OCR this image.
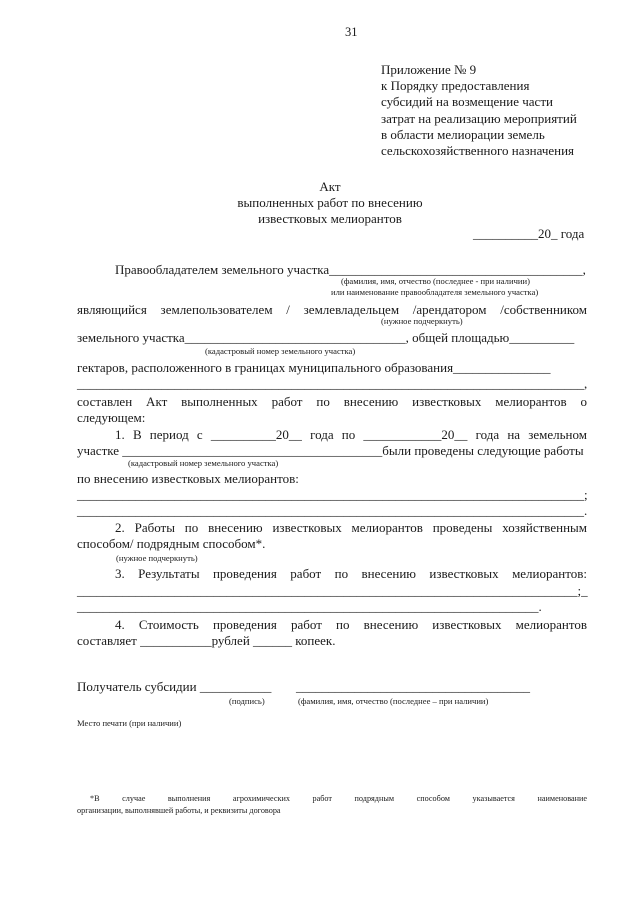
31
Приложение № 9
к Порядку предоставления
субсидий на возмещение части
затрат на реализацию мероприятий
в области мелиорации земель
сельскохозяйственного назначения
Акт
выполненных работ по внесению
известковых мелиорантов
__________20_ года
Правообладателем земельного участка_______________________________________,
(фамилия, имя, отчество (последнее - при наличии)
или наименование правообладателя земельного участка)
являющийся землепользователем / землевладельцем /арендатором /собственником
(нужное подчеркнуть)
земельного участка__________________________________, общей площадью__________
(кадастровый номер земельного участка)
гектаров, расположенного в границах муниципального образования_______________
______________________________________________________________________________,
составлен Акт выполненных работ по внесению известковых мелиорантов о
следующем:
1. В период с __________20__ года по ____________20__ года на земельном
участке ________________________________________были проведены следующие работы
(кадастровый номер земельного участка)
по внесению известковых мелиорантов:
______________________________________________________________________________;
______________________________________________________________________________.
2. Работы по внесению известковых мелиорантов проведены хозяйственным
способом/ подрядным способом*.
(нужное подчеркнуть)
3. Результаты проведения работ по внесению известковых мелиорантов:
_____________________________________________________________________________;_
_______________________________________________________________________.
4. Стоимость проведения работ по внесению известковых мелиорантов
составляет ___________рублей ______ копеек.
Получатель субсидии ___________ ____________________________________
(подпись)	(фамилия, имя, отчество (последнее – при наличии)
Место печати (при наличии)
*В случае выполнения агрохимических работ подрядным способом указывается наименование
организации, выполнявшей работы, и реквизиты договора
